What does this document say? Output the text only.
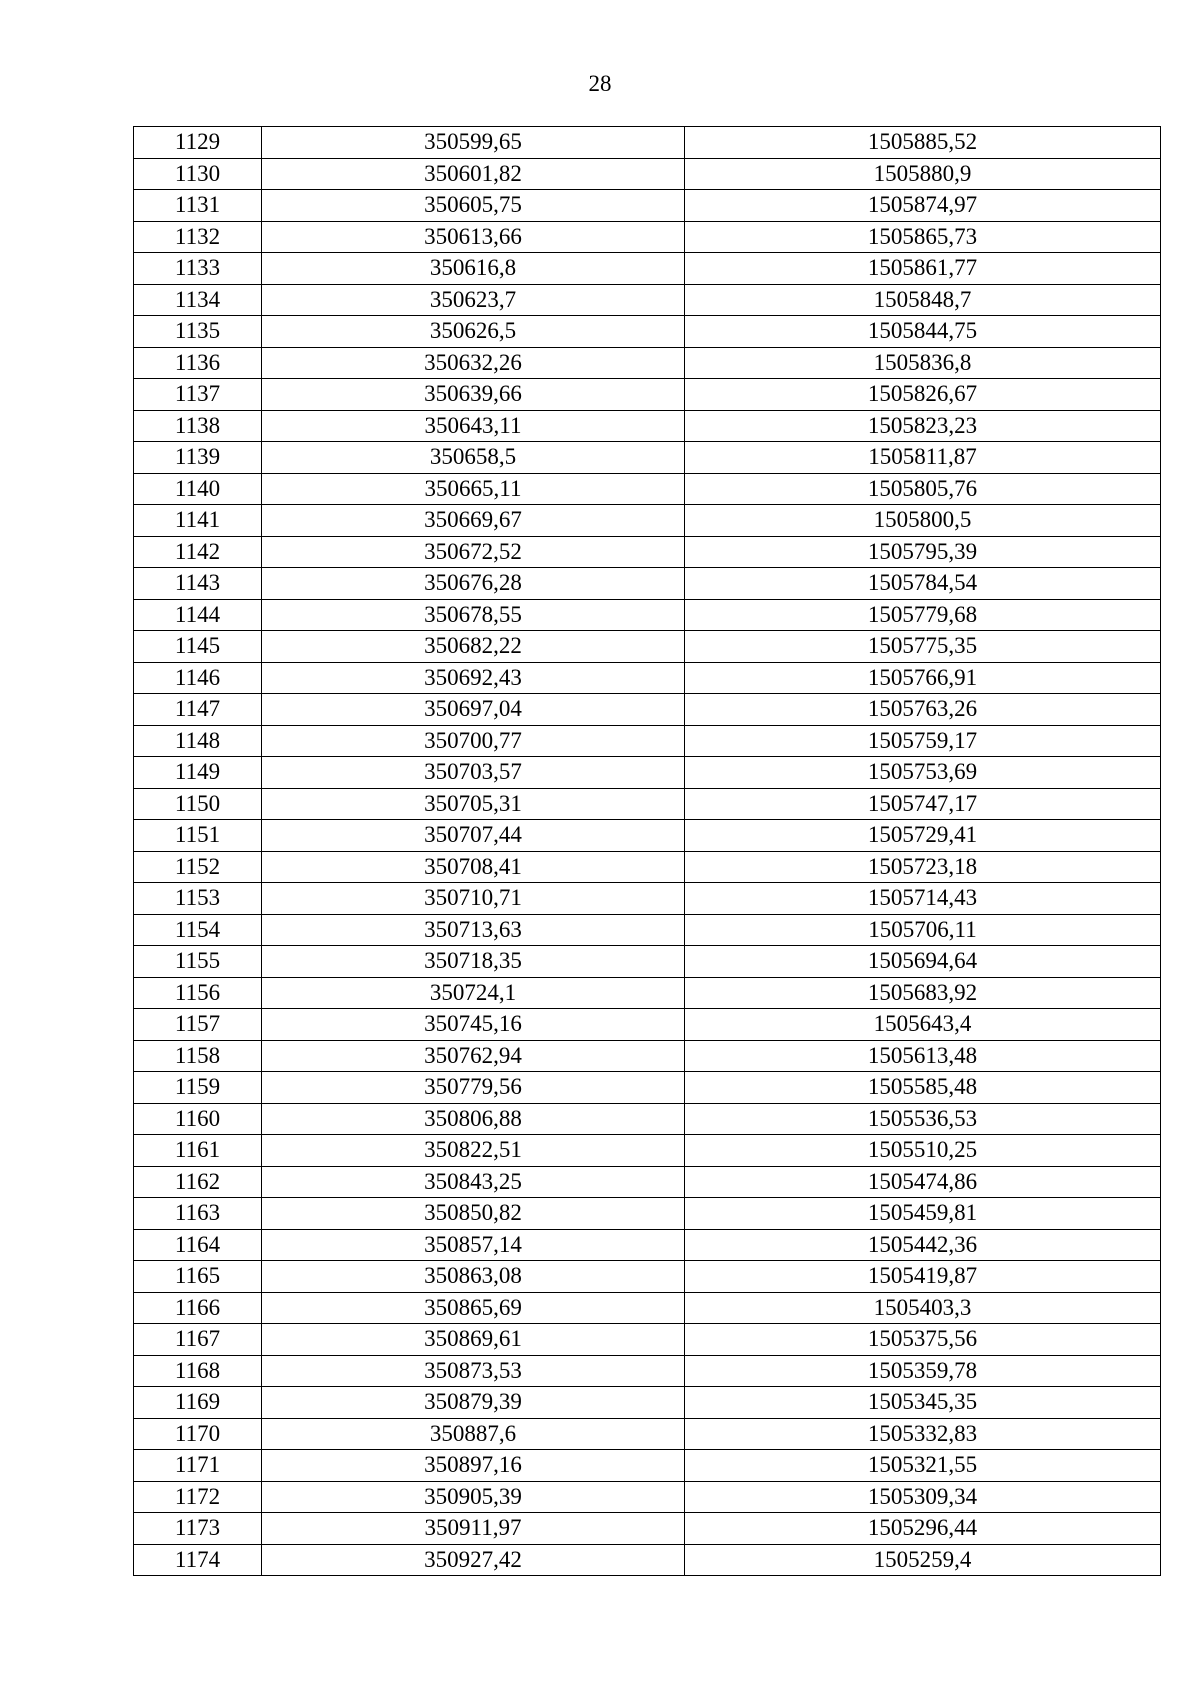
28
1129	350599,65	1505885,52
1130	350601,82	1505880,9
1131	350605,75	1505874,97
1132	350613,66	1505865,73
1133	350616,8	1505861,77
1134	350623,7	1505848,7
1135	350626,5	1505844,75
1136	350632,26	1505836,8
1137	350639,66	1505826,67
1138	350643,11	1505823,23
1139	350658,5	1505811,87
1140	350665,11	1505805,76
1141	350669,67	1505800,5
1142	350672,52	1505795,39
1143	350676,28	1505784,54
1144	350678,55	1505779,68
1145	350682,22	1505775,35
1146	350692,43	1505766,91
1147	350697,04	1505763,26
1148	350700,77	1505759,17
1149	350703,57	1505753,69
1150	350705,31	1505747,17
1151	350707,44	1505729,41
1152	350708,41	1505723,18
1153	350710,71	1505714,43
1154	350713,63	1505706,11
1155	350718,35	1505694,64
1156	350724,1	1505683,92
1157	350745,16	1505643,4
1158	350762,94	1505613,48
1159	350779,56	1505585,48
1160	350806,88	1505536,53
1161	350822,51	1505510,25
1162	350843,25	1505474,86
1163	350850,82	1505459,81
1164	350857,14	1505442,36
1165	350863,08	1505419,87
1166	350865,69	1505403,3
1167	350869,61	1505375,56
1168	350873,53	1505359,78
1169	350879,39	1505345,35
1170	350887,6	1505332,83
1171	350897,16	1505321,55
1172	350905,39	1505309,34
1173	350911,97	1505296,44
1174	350927,42	1505259,4
